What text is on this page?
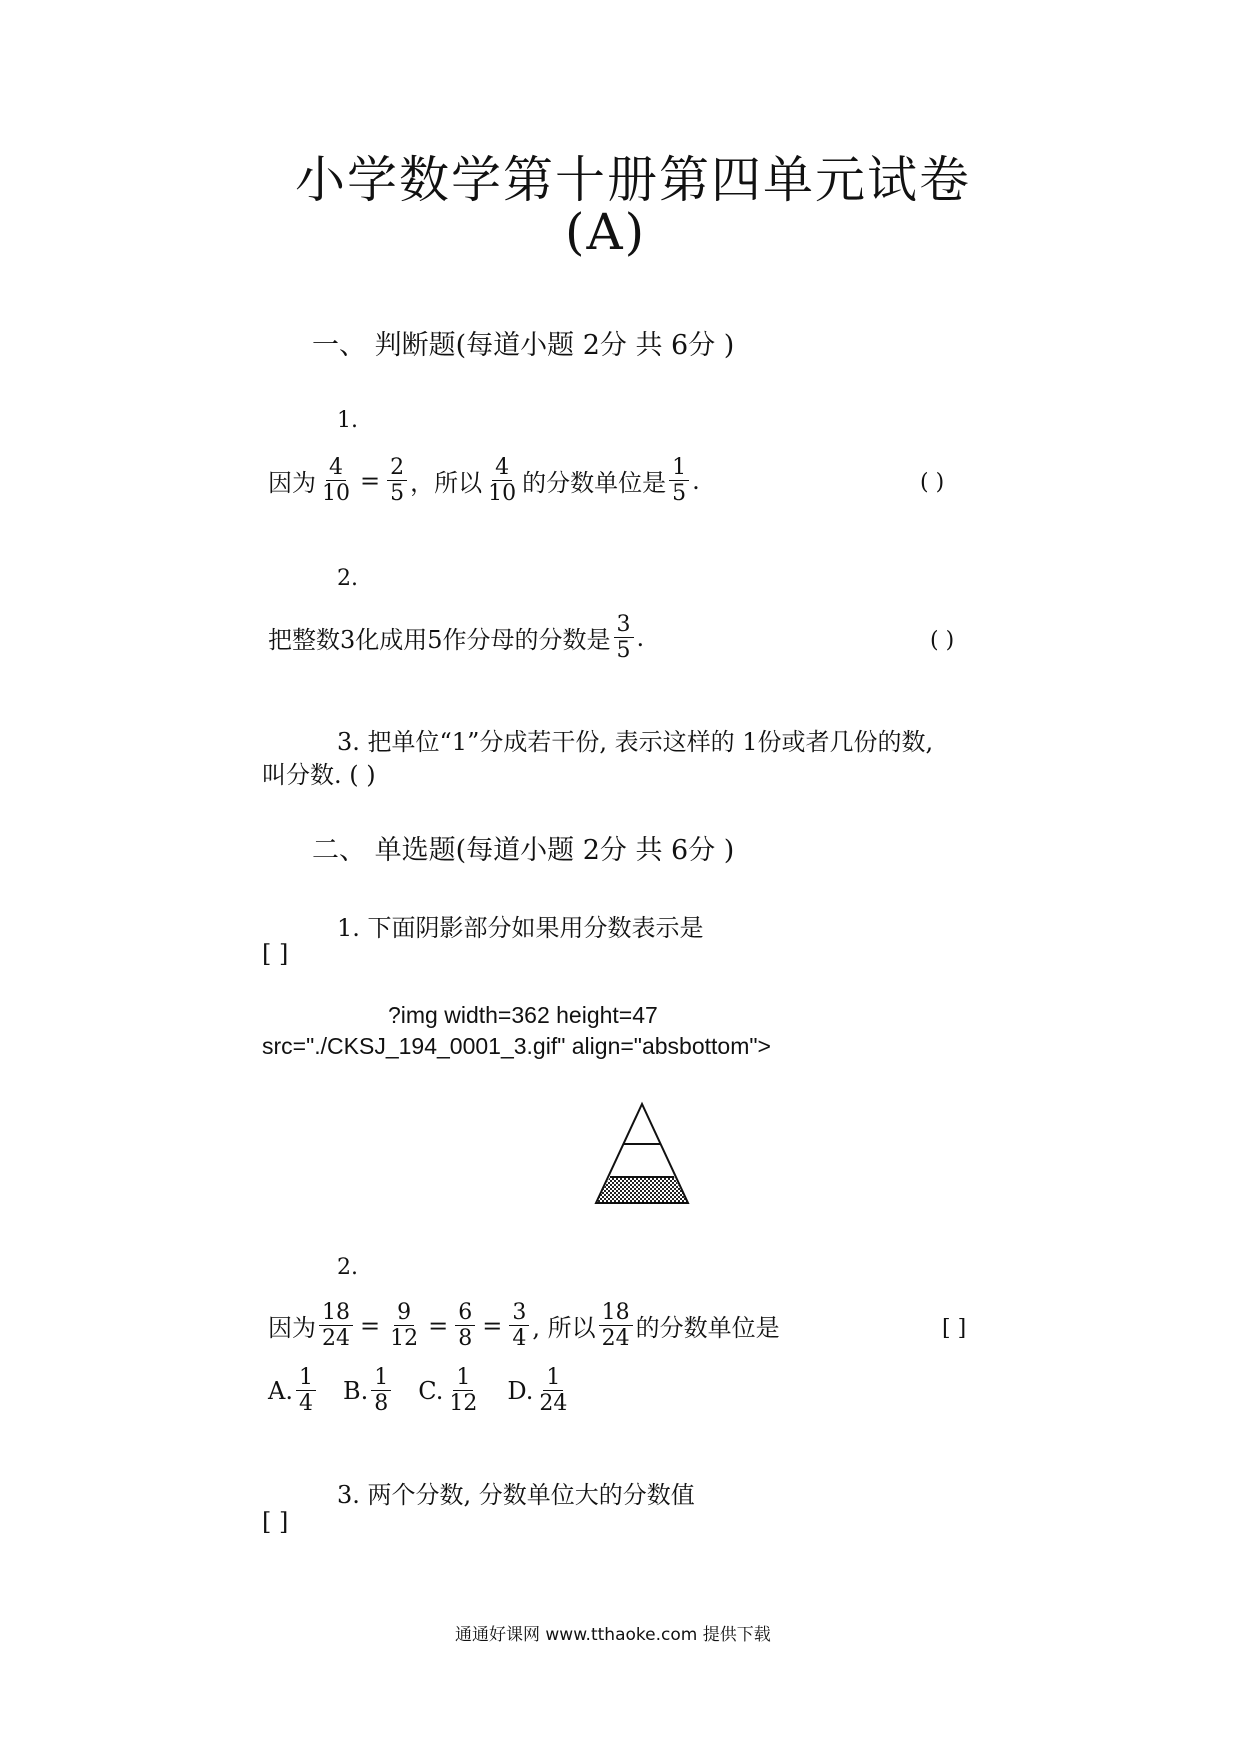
小学数学第十册第四单元试卷
(A)
一、 判断题(每道小题 2分 共 6分 )
1.
因为 $\frac{4}{10} = \frac{2}{5}$ ，所以 $\frac{4}{10}$ 的分数单位是 $\frac{1}{5}$ .	( )
2.
把整数3化成用5作分母的分数是 $\frac{3}{5}$ .	( )
3. 把单位“1”分成若干份, 表示这样的 1份或者几份的数,
叫分数. ( )
二、 单选题(每道小题 2分 共 6分 )
1. 下面阴影部分如果用分数表示是
[ ]
?img width=362 height=47
src="./CKSJ_194_0001_3.gif" align="absbottom">
2.
因为 $\frac{18}{24} = \frac{9}{12} = \frac{6}{8} = \frac{3}{4}$ , 所以 $\frac{18}{24}$ 的分数单位是	[ ]
A. $\frac{1}{4} B$. $\frac{1}{8} C$. $\frac{1}{12} D$. $\frac{1}{24}$
3. 两个分数, 分数单位大的分数值
[ ]
通通好课网 www.tthaoke.com 提供下载
